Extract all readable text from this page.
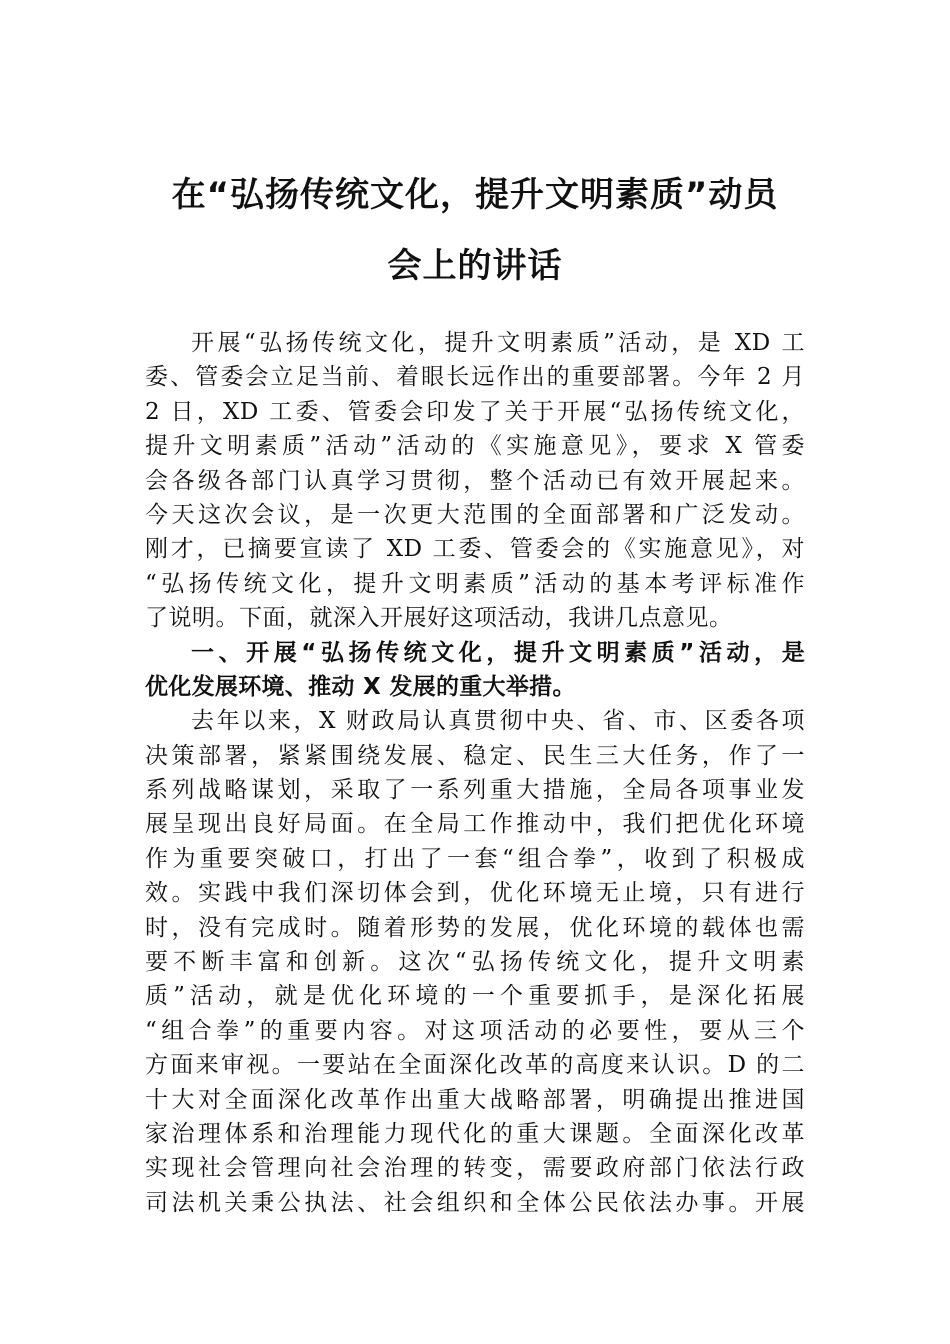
在“弘扬传统文化，提升文明素质”动员
会上的讲话
开展“弘扬传统文化，提升文明素质”活动，是 XD 工
委、管委会立足当前、着眼长远作出的重要部署。今年 2 月
2 日，XD 工委、管委会印发了关于开展“弘扬传统文化，
提升文明素质”活动”活动的《实施意见》，要求 X 管委
会各级各部门认真学习贯彻，整个活动已有效开展起来。
今天这次会议，是一次更大范围的全面部署和广泛发动。
刚才，已摘要宣读了 XD 工委、管委会的《实施意见》，对
“弘扬传统文化，提升文明素质”活动的基本考评标准作
了说明。下面，就深入开展好这项活动，我讲几点意见。
一、开展“弘扬传统文化，提升文明素质”活动，是
优化发展环境、推动 X 发展的重大举措。
去年以来，X 财政局认真贯彻中央、省、市、区委各项
决策部署，紧紧围绕发展、稳定、民生三大任务，作了一
系列战略谋划，采取了一系列重大措施，全局各项事业发
展呈现出良好局面。在全局工作推动中，我们把优化环境
作为重要突破口，打出了一套“组合拳”，收到了积极成
效。实践中我们深切体会到，优化环境无止境，只有进行
时，没有完成时。随着形势的发展，优化环境的载体也需
要不断丰富和创新。这次“弘扬传统文化，提升文明素
质”活动，就是优化环境的一个重要抓手，是深化拓展
“组合拳”的重要内容。对这项活动的必要性，要从三个
方面来审视。一要站在全面深化改革的高度来认识。D 的二
十大对全面深化改革作出重大战略部署，明确提出推进国
家治理体系和治理能力现代化的重大课题。全面深化改革
实现社会管理向社会治理的转变，需要政府部门依法行政
司法机关秉公执法、社会组织和全体公民依法办事。开展
